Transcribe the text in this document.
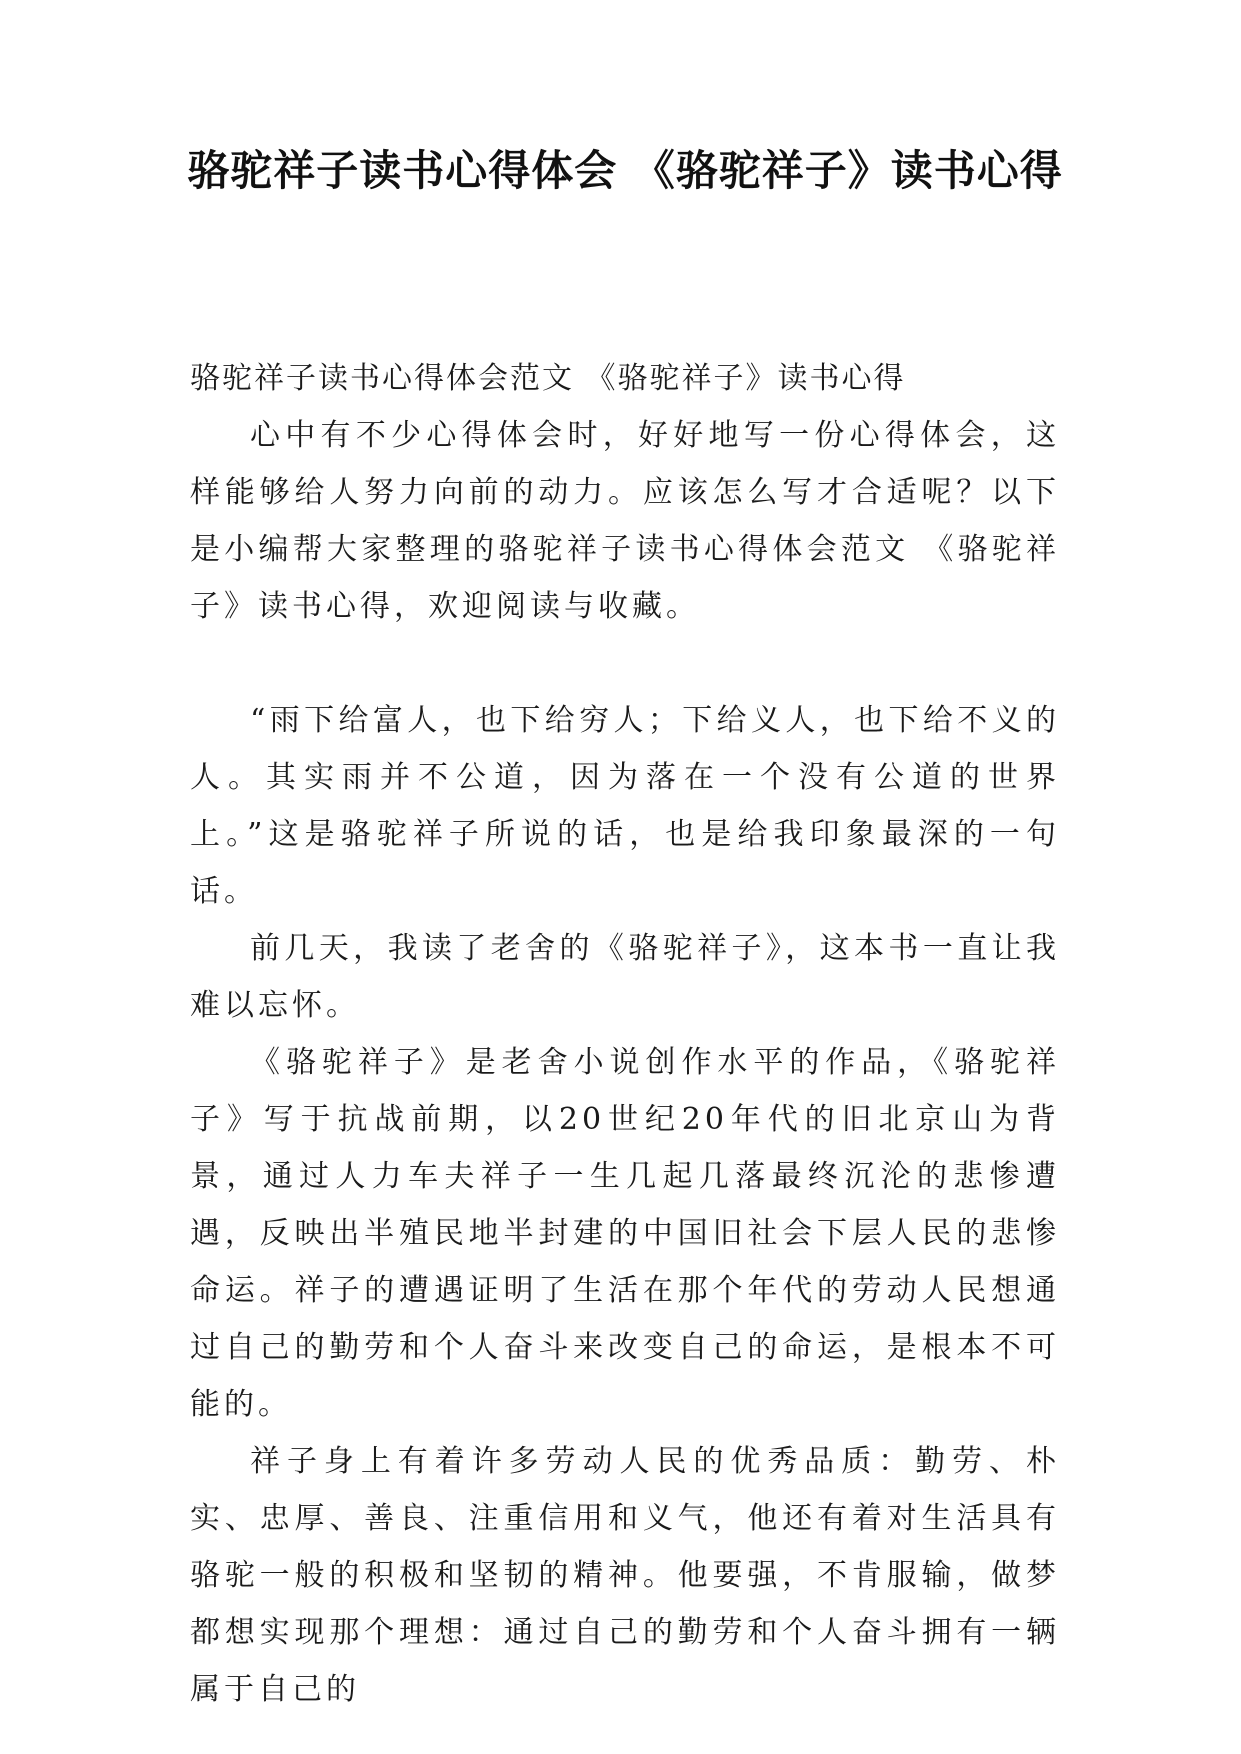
骆驼祥子读书心得体会 《骆驼祥子》读书心得

骆驼祥子读书心得体会范文 《骆驼祥子》读书心得

心中有不少心得体会时，好好地写一份心得体会，这样能够给人努力向前的动力。应该怎么写才合适呢？以下是小编帮大家整理的骆驼祥子读书心得体会范文 《骆驼祥子》读书心得，欢迎阅读与收藏。

“雨下给富人，也下给穷人；下给义人，也下给不义的人。其实雨并不公道，因为落在一个没有公道的世界上。”这是骆驼祥子所说的话，也是给我印象最深的一句话。

前几天，我读了老舍的《骆驼祥子》，这本书一直让我难以忘怀。

《骆驼祥子》是老舍小说创作水平的作品，《骆驼祥子》写于抗战前期，以20世纪20年代的旧北京山为背景，通过人力车夫祥子一生几起几落最终沉沦的悲惨遭遇，反映出半殖民地半封建的中国旧社会下层人民的悲惨命运。祥子的遭遇证明了生活在那个年代的劳动人民想通过自己的勤劳和个人奋斗来改变自己的命运，是根本不可能的。

祥子身上有着许多劳动人民的优秀品质：勤劳、朴实、忠厚、善良、注重信用和义气，他还有着对生活具有骆驼一般的积极和坚韧的精神。他要强，不肯服输，做梦都想实现那个理想：通过自己的勤劳和个人奋斗拥有一辆属于自己的
